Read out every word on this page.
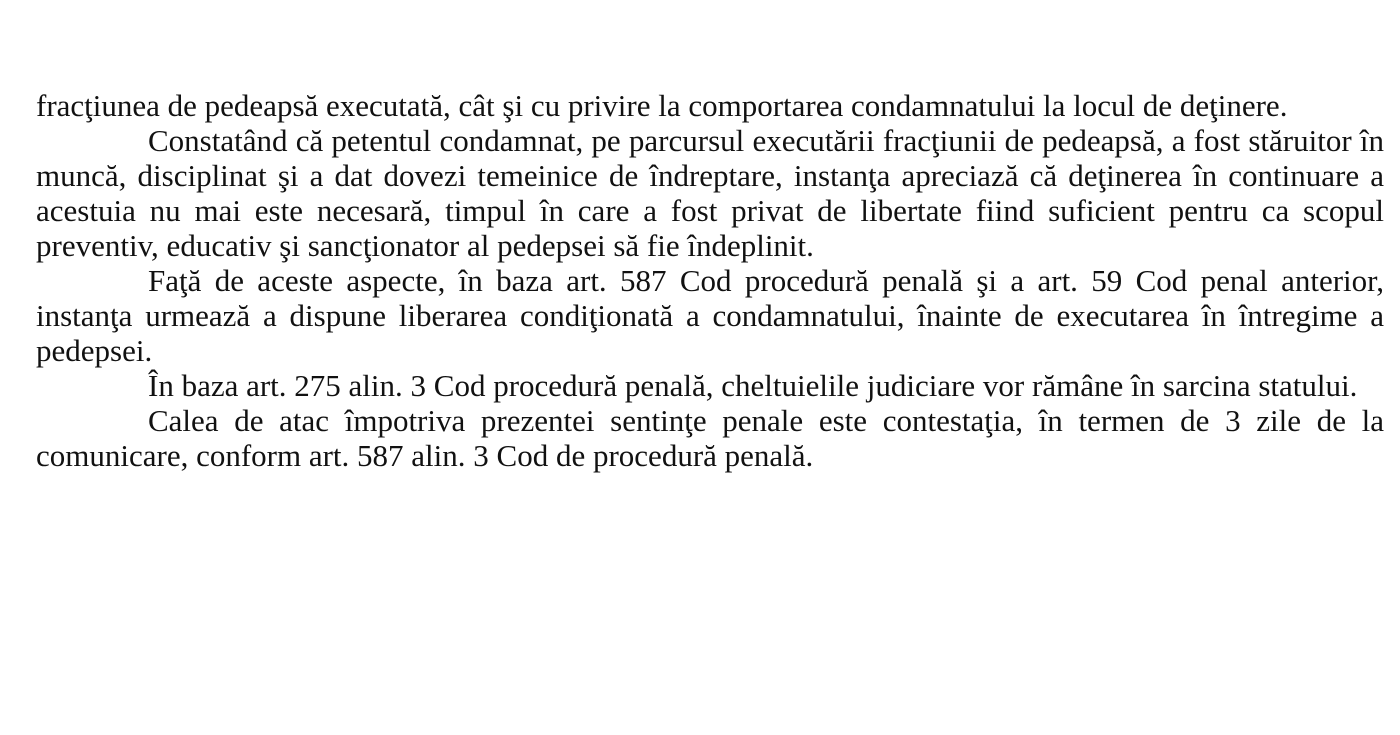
fracţiunea de pedeapsă executată, cât şi cu privire la comportarea condamnatului la locul de deţinere.

Constatând că petentul condamnat, pe parcursul executării fracţiunii de pedeapsă, a fost stăruitor în muncă, disciplinat şi a dat dovezi temeinice de îndreptare, instanţa apreciază că deţinerea în continuare a acestuia nu mai este necesară, timpul în care a fost privat de libertate fiind suficient pentru ca scopul preventiv, educativ şi sancţionator al pedepsei să fie îndeplinit.

Faţă de aceste aspecte, în baza art. 587 Cod procedură penală şi a art. 59 Cod penal anterior, instanţa urmează a dispune liberarea condiţionată a condamnatului, înainte de executarea în întregime a pedepsei.

În baza art. 275 alin. 3 Cod procedură penală, cheltuielile judiciare vor rămâne în sarcina statului.

Calea de atac împotriva prezentei sentinţe penale este contestaţia, în termen de 3 zile de la comunicare, conform art. 587 alin. 3 Cod de procedură penală.
